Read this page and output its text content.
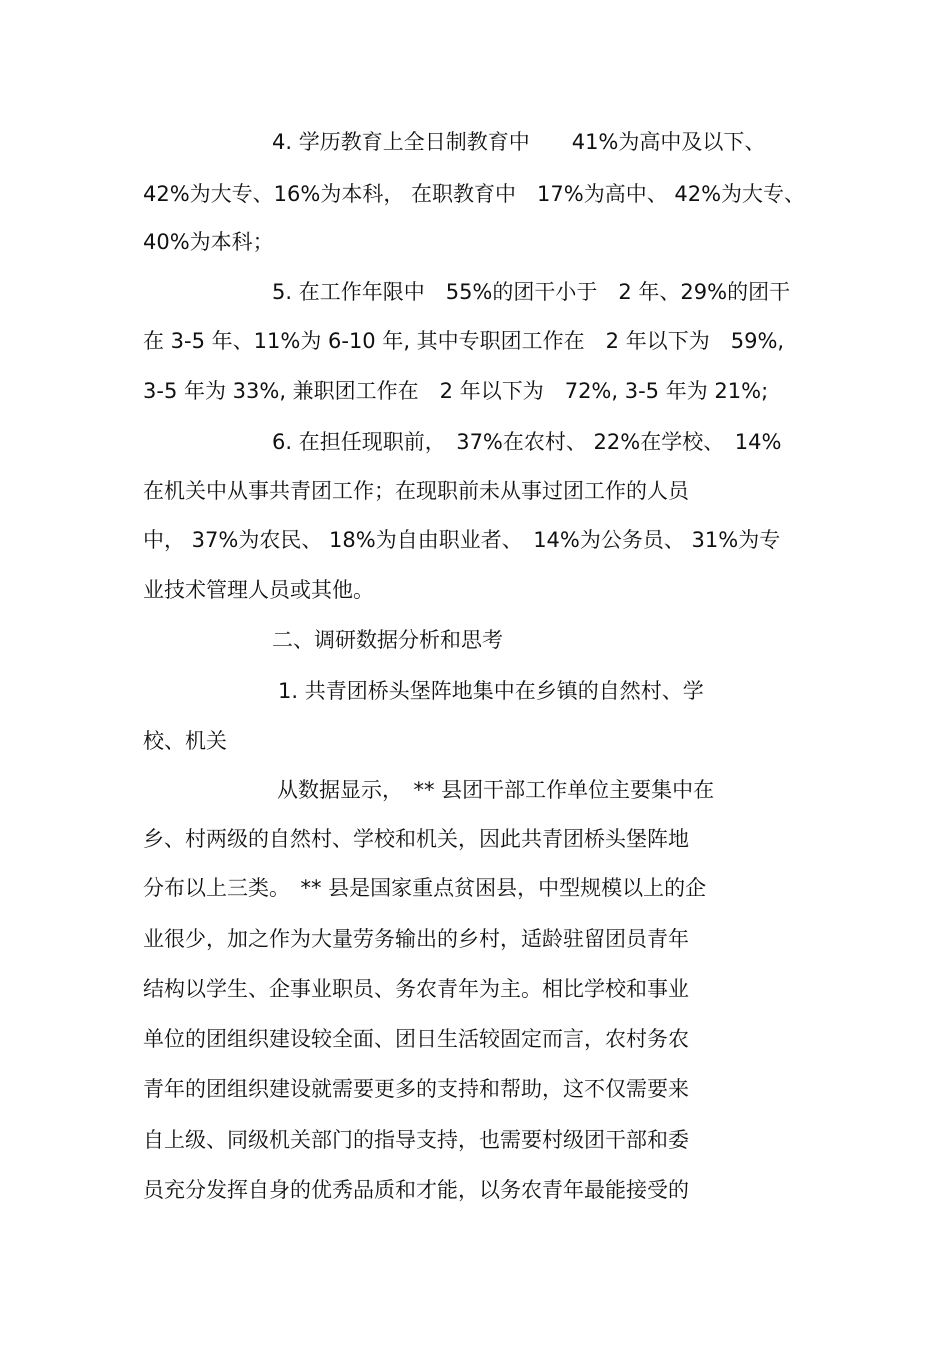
4. 学历教育上全日制教育中　　41%为高中及以下、
42%为大专、16%为本科， 在职教育中　17%为高中、 42%为大专、
40%为本科；
5. 在工作年限中　55%的团干小于　2 年、29%的团干
在 3-5 年、11%为 6-10 年, 其中专职团工作在　2 年以下为　59%,
3-5 年为 33%, 兼职团工作在　2 年以下为　72%, 3-5 年为 21%;
6. 在担任现职前，　37%在农村、 22%在学校、　14%
在机关中从事共青团工作；在现职前未从事过团工作的人员
中， 37%为农民、 18%为自由职业者、　14%为公务员、 31%为专
业技术管理人员或其他。
二、调研数据分析和思考
1. 共青团桥头堡阵地集中在乡镇的自然村、学
校、机关
从数据显示，　** 县团干部工作单位主要集中在
乡、村两级的自然村、学校和机关，因此共青团桥头堡阵地
分布以上三类。　** 县是国家重点贫困县，中型规模以上的企
业很少，加之作为大量劳务输出的乡村，适龄驻留团员青年
结构以学生、企事业职员、务农青年为主。相比学校和事业
单位的团组织建设较全面、团日生活较固定而言，农村务农
青年的团组织建设就需要更多的支持和帮助，这不仅需要来
自上级、同级机关部门的指导支持，也需要村级团干部和委
员充分发挥自身的优秀品质和才能，以务农青年最能接受的
